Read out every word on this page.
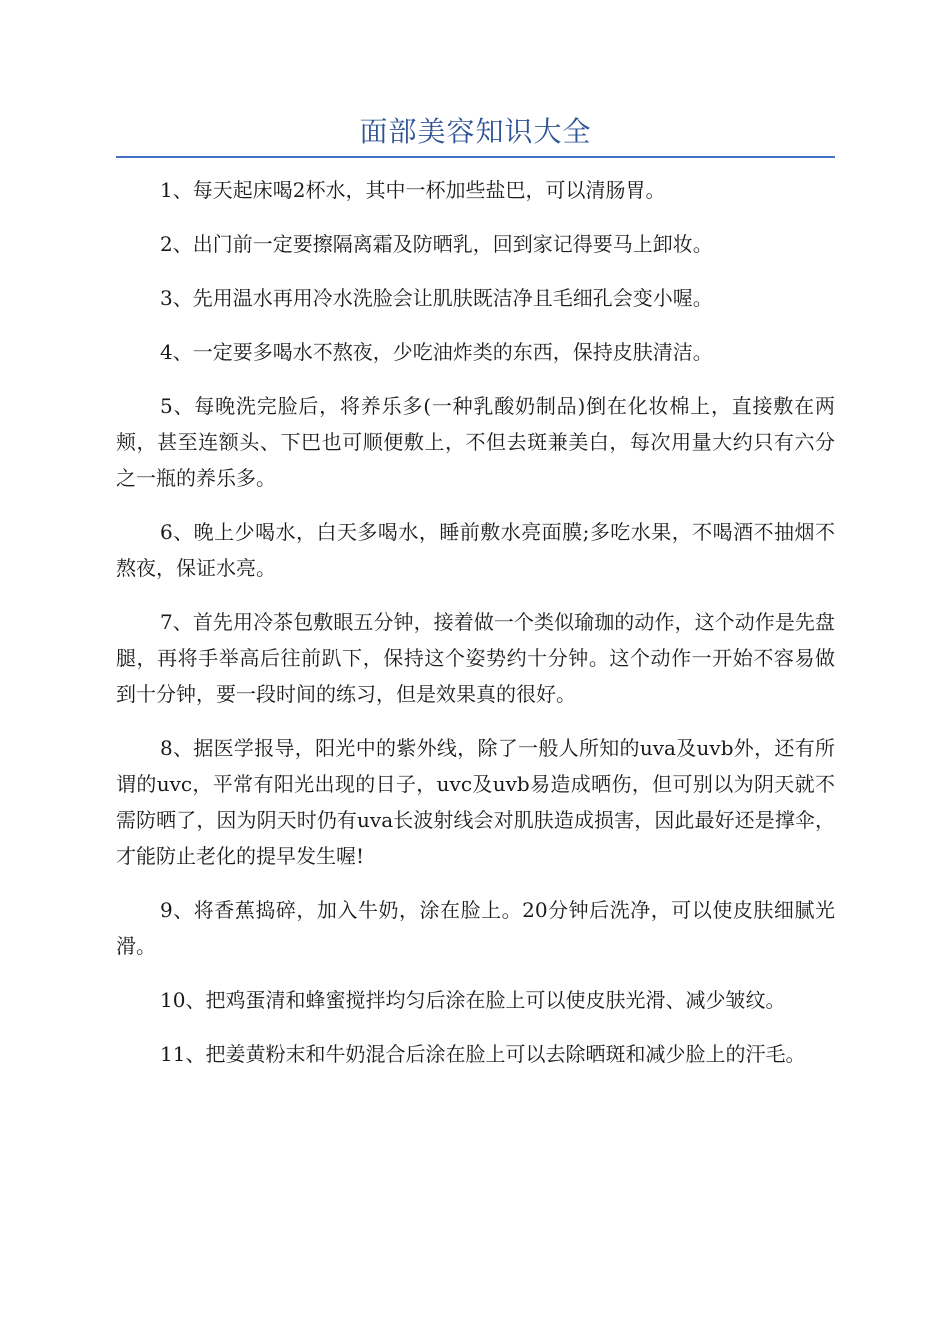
面部美容知识大全

1、每天起床喝2杯水，其中一杯加些盐巴，可以清肠胃。

2、出门前一定要擦隔离霜及防晒乳，回到家记得要马上卸妆。

3、先用温水再用冷水洗脸会让肌肤既洁净且毛细孔会变小喔。

4、一定要多喝水不熬夜，少吃油炸类的东西，保持皮肤清洁。

5、每晚洗完脸后，将养乐多(一种乳酸奶制品)倒在化妆棉上，直接敷在两颊，甚至连额头、下巴也可顺便敷上，不但去斑兼美白，每次用量大约只有六分之一瓶的养乐多。

6、晚上少喝水，白天多喝水，睡前敷水亮面膜;多吃水果，不喝酒不抽烟不熬夜，保证水亮。

7、首先用冷茶包敷眼五分钟，接着做一个类似瑜珈的动作，这个动作是先盘腿，再将手举高后往前趴下，保持这个姿势约十分钟。这个动作一开始不容易做到十分钟，要一段时间的练习，但是效果真的很好。

8、据医学报导，阳光中的紫外线，除了一般人所知的uva及uvb外，还有所谓的uvc，平常有阳光出现的日子，uvc及uvb易造成晒伤，但可别以为阴天就不需防晒了，因为阴天时仍有uva长波射线会对肌肤造成损害，因此最好还是撑伞，才能防止老化的提早发生喔!

9、将香蕉捣碎，加入牛奶，涂在脸上。20分钟后洗净，可以使皮肤细腻光滑。

10、把鸡蛋清和蜂蜜搅拌均匀后涂在脸上可以使皮肤光滑、减少皱纹。

11、把姜黄粉末和牛奶混合后涂在脸上可以去除晒斑和减少脸上的汗毛。
